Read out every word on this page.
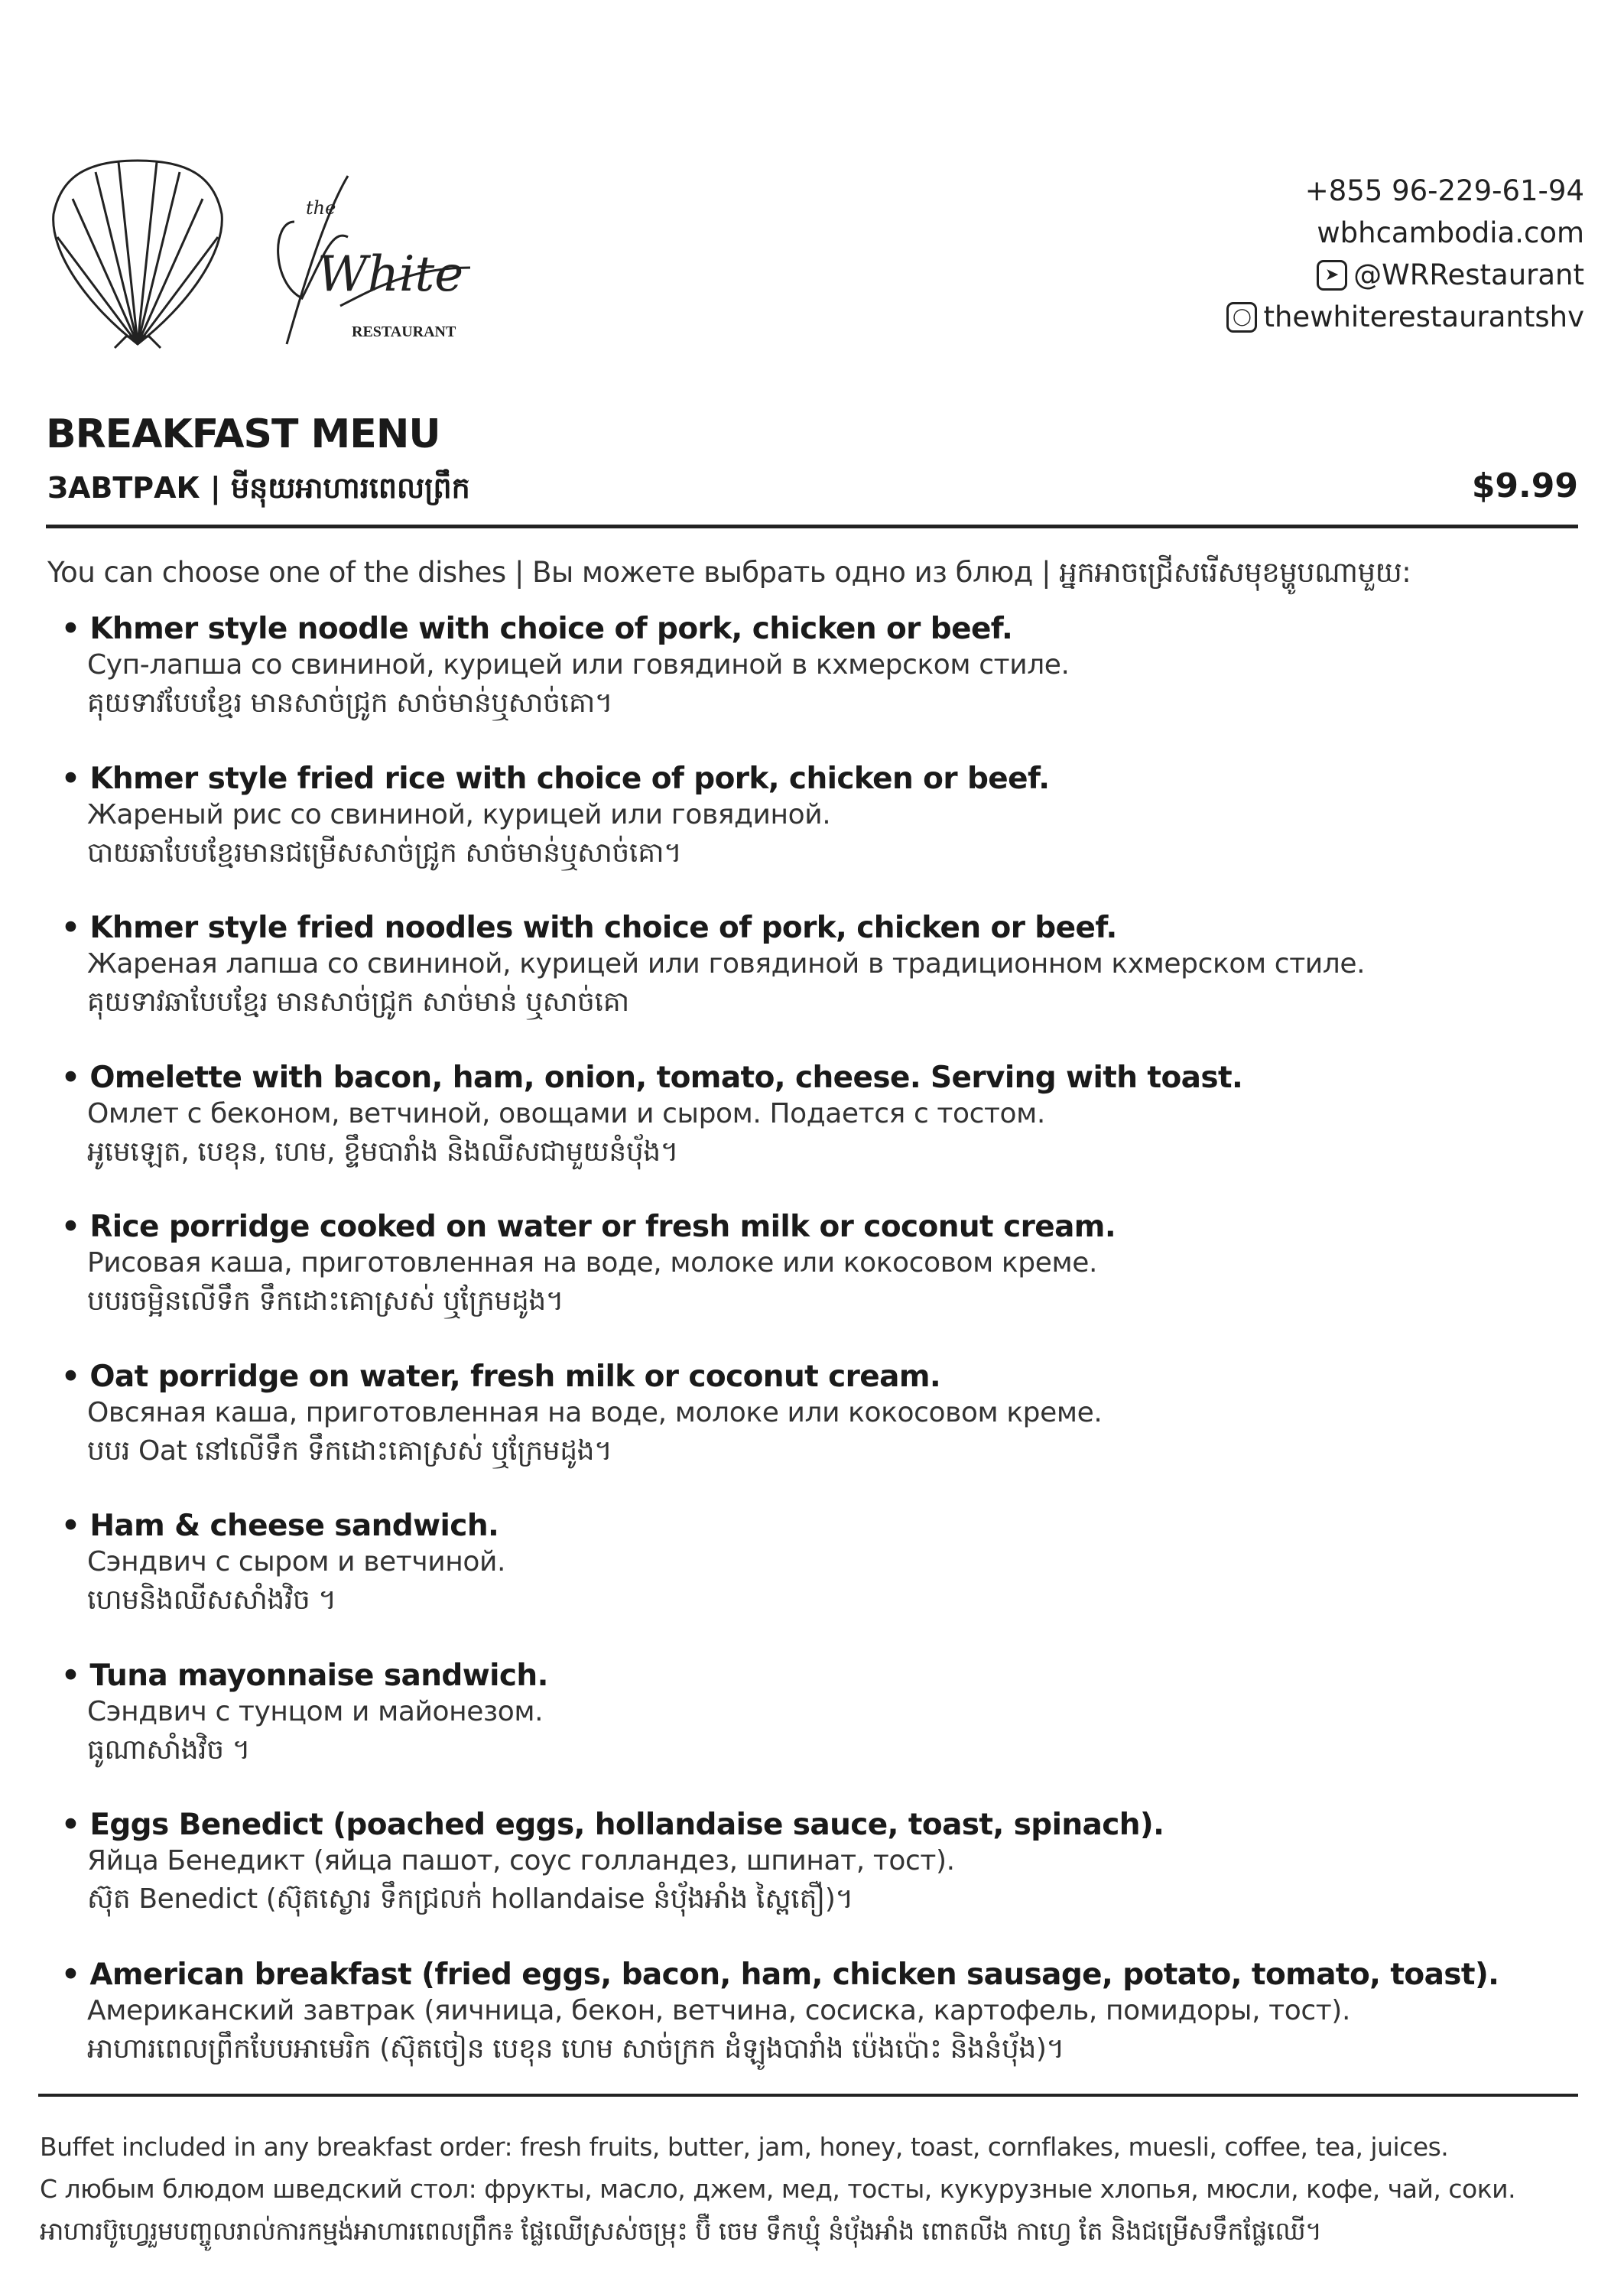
the
White
RESTAURANT
+855 96-229-61-94
wbhcambodia.com
➤ @WRRestaurant
◯ thewhiterestaurantshv
BREAKFAST MENU
ЗАВТРАК | មីនុយអាហារពេលព្រឹក	$9.99
You can choose one of the dishes | Вы можете выбрать одно из блюд | អ្នកអាចជ្រើសរើសមុខម្ហូបណាមួយ:
• Khmer style noodle with choice of pork, chicken or beef.
Суп-лапша со свининой, курицей или говядиной в кхмерском стиле.
គុយទាវបែបខ្មែរ មានសាច់ជ្រូក សាច់មាន់ឬសាច់គោ។
• Khmer style fried rice with choice of pork, chicken or beef.
Жареный рис со свининой, курицей или говядиной.
បាយឆាបែបខ្មែរមានជម្រើសសាច់ជ្រូក សាច់មាន់ឬសាច់គោ។
• Khmer style fried noodles with choice of pork, chicken or beef.
Жареная лапша со свининой, курицей или говядиной в традиционном кхмерском стиле.
គុយទាវឆាបែបខ្មែរ មានសាច់ជ្រូក សាច់មាន់ ឬសាច់គោ
• Omelette with bacon, ham, onion, tomato, cheese. Serving with toast.
Омлет с беконом, ветчиной, овощами и сыром. Подается с тостом.
អូមេឡេត, បេខុន, ហេម, ខ្ទឹមបារាំង និងឈីសជាមួយនំប៉័ង។
• Rice porridge cooked on water or fresh milk or coconut cream.
Рисовая каша, приготовленная на воде, молоке или кокосовом креме.
បបរចម្អិនលើទឹក ទឹកដោះគោស្រស់ ឬក្រែមដូង។
• Oat porridge on water, fresh milk or coconut cream.
Овсяная каша, приготовленная на воде, молоке или кокосовом креме.
បបរ Oat នៅលើទឹក ទឹកដោះគោស្រស់ ឬក្រែមដូង។
• Ham & cheese sandwich.
Сэндвич с сыром и ветчиной.
ហេមនិងឈីសសាំងវិច ។
• Tuna mayonnaise sandwich.
Сэндвич с тунцом и майонезом.
ធូណាសាំងវិច ។
• Eggs Benedict (poached eggs, hollandaise sauce, toast, spinach).
Яйца Бенедикт (яйца пашот, соус голландез, шпинат, тост).
ស៊ុត Benedict (ស៊ុតស្ងោរ ទឹកជ្រលក់ hollandaise នំប៉័ងអាំង ស្ពៃតឿ)។
• American breakfast (fried eggs, bacon, ham, chicken sausage, potato, tomato, toast).
Американский завтрак (яичница, бекон, ветчина, сосиска, картофель, помидоры, тост).
អាហារពេលព្រឹកបែបអាមេរិក (ស៊ុតចៀន បេខុន ហេម សាច់ក្រក ដំឡូងបារាំង ប៉េងប៉ោះ និងនំប៉័ង)។
Buffet included in any breakfast order: fresh fruits, butter, jam, honey, toast, cornflakes, muesli, coffee, tea, juices.
С любым блюдом шведский стол: фрукты, масло, джем, мед, тосты, кукурузные хлопья, мюсли, кофе, чай, соки.
អាហារប៊ូហ្វេរួមបញ្ចូលរាល់ការកម្មង់អាហារពេលព្រឹក៖ ផ្លែឈើស្រស់ចម្រុះ ប៊ឺ ចេម ទឹកឃ្មុំ នំប៉័ងអាំង ពោតលីង កាហ្វេ តែ និងជម្រើសទឹកផ្លែឈើ។
